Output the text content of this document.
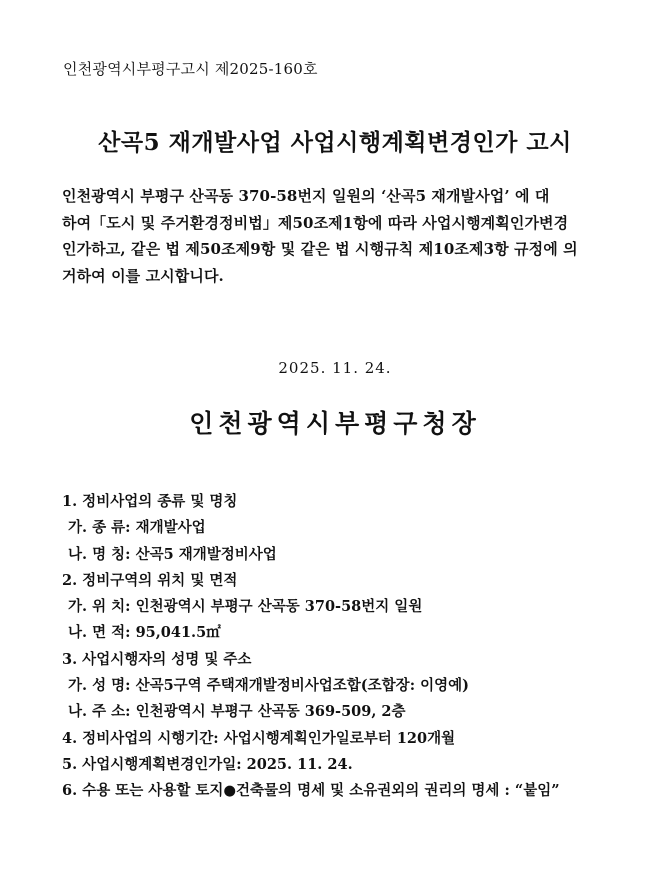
인천광역시부평구고시 제2025-160호
산곡5 재개발사업 사업시행계획변경인가 고시
인천광역시 부평구 산곡동 370-58번지 일원의 ‘산곡5 재개발사업’ 에 대
하여「도시 및 주거환경정비법」제50조제1항에 따라 사업시행계획인가변경
인가하고, 같은 법 제50조제9항 및 같은 법 시행규칙 제10조제3항 규정에 의
거하여 이를 고시합니다.
2025. 11. 24.
인천광역시부평구청장
1. 정비사업의 종류 및 명칭
가. 종 류: 재개발사업
나. 명 칭: 산곡5 재개발정비사업
2. 정비구역의 위치 및 면적
가. 위 치: 인천광역시 부평구 산곡동 370-58번지 일원
나. 면 적: 95,041.5㎡
3. 사업시행자의 성명 및 주소
가. 성 명: 산곡5구역 주택재개발정비사업조합(조합장: 이영예)
나. 주 소: 인천광역시 부평구 산곡동 369-509, 2층
4. 정비사업의 시행기간: 사업시행계획인가일로부터 120개월
5. 사업시행계획변경인가일: 2025. 11. 24.
6. 수용 또는 사용할 토지●건축물의 명세 및 소유권외의 권리의 명세 : “붙임”
